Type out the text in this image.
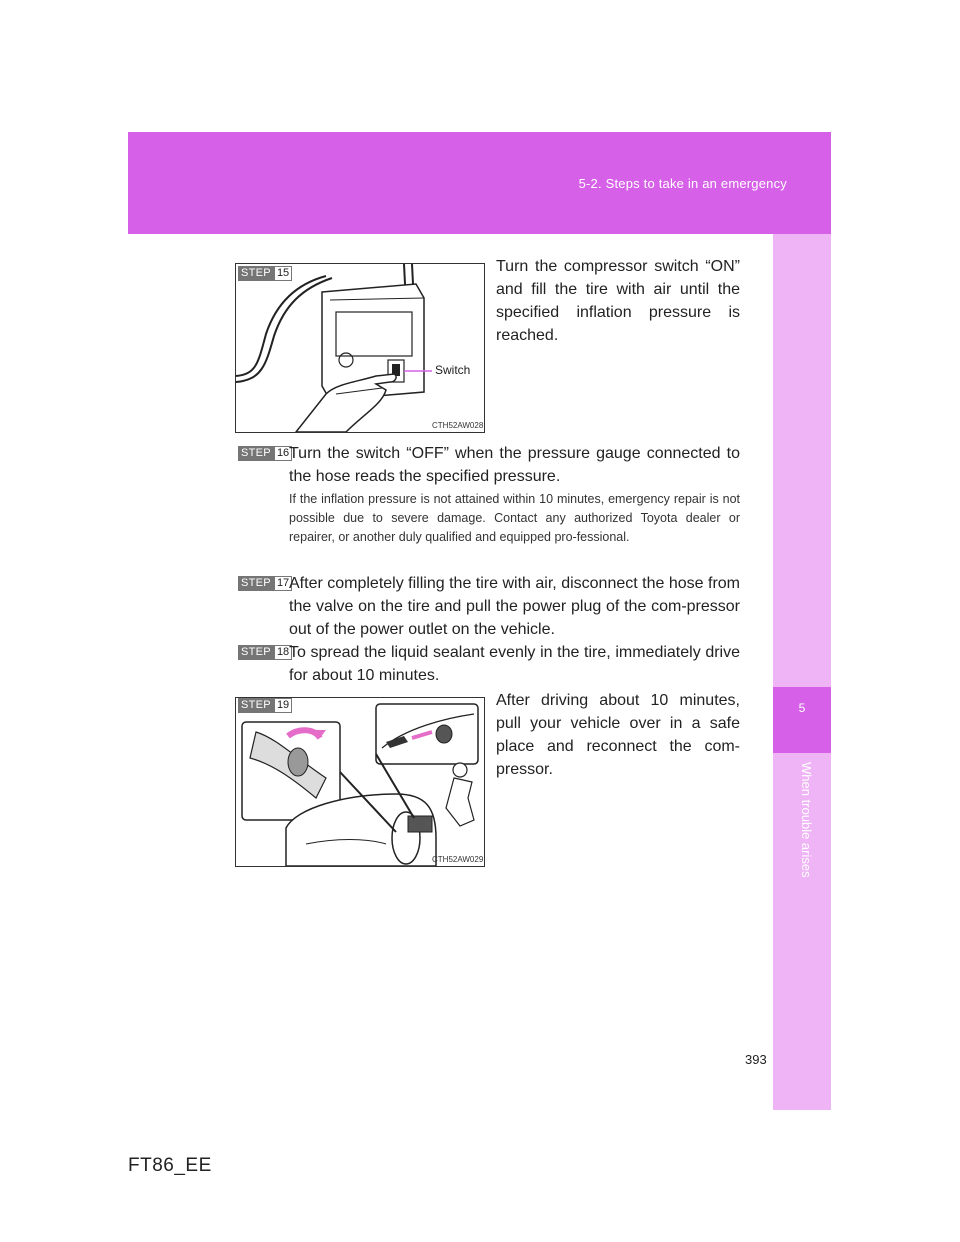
5-2. Steps to take in an emergency
5
When trouble arises
Switch
CTH52AW028
STEP 15	Turn the compressor switch “ON” and fill the tire with air until the specified inflation pressure is reached.
STEP 16 Turn the switch “OFF” when the pressure gauge connected to the hose reads the specified pressure.
If the inflation pressure is not attained within 10 minutes, emergency repair is not possible due to severe damage. Contact any authorized Toyota dealer or repairer, or another duly qualified and equipped pro-fessional.
STEP 17 After completely filling the tire with air, disconnect the hose from the valve on the tire and pull the power plug of the com-pressor out of the power outlet on the vehicle.
STEP 18 To spread the liquid sealant evenly in the tire, immediately drive for about 10 minutes.
CTH52AW029
STEP 19	After driving about 10 minutes, pull your vehicle over in a safe place and reconnect the com-pressor.
393
FT86_EE
